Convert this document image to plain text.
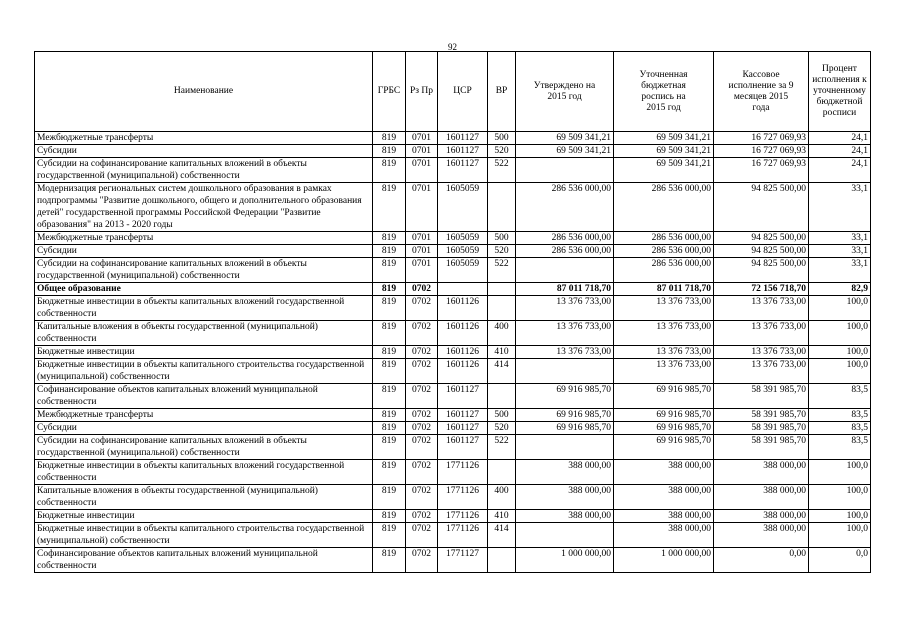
92
Наименование	ГРБС	Рз Пр	ЦСР	ВР	Утверждено на 2015 год	Уточненная бюджетная роспись на 2015 год	Кассовое исполнение за 9 месяцев 2015 года	Процент исполнения к уточненному бюджетной росписи
Межбюджетные трансферты	819	0701	1601127	500	69 509 341,21	69 509 341,21	16 727 069,93	24,1
Субсидии	819	0701	1601127	520	69 509 341,21	69 509 341,21	16 727 069,93	24,1
Субсидии на софинансирование капитальных вложений в объекты государственной (муниципальной) собственности	819	0701	1601127	522		69 509 341,21	16 727 069,93	24,1
Модернизация региональных систем дошкольного образования в рамках подпрограммы "Развитие дошкольного, общего и дополнительного образования детей" государственной программы Российской Федерации "Развитие образования" на 2013 - 2020 годы	819	0701	1605059		286 536 000,00	286 536 000,00	94 825 500,00	33,1
Межбюджетные трансферты	819	0701	1605059	500	286 536 000,00	286 536 000,00	94 825 500,00	33,1
Субсидии	819	0701	1605059	520	286 536 000,00	286 536 000,00	94 825 500,00	33,1
Субсидии на софинансирование капитальных вложений в объекты государственной (муниципальной) собственности	819	0701	1605059	522		286 536 000,00	94 825 500,00	33,1
Общее образование	819	0702			87 011 718,70	87 011 718,70	72 156 718,70	82,9
Бюджетные инвестиции в объекты капитальных вложений государственной собственности	819	0702	1601126		13 376 733,00	13 376 733,00	13 376 733,00	100,0
Капитальные вложения в объекты государственной (муниципальной) собственности	819	0702	1601126	400	13 376 733,00	13 376 733,00	13 376 733,00	100,0
Бюджетные инвестиции	819	0702	1601126	410	13 376 733,00	13 376 733,00	13 376 733,00	100,0
Бюджетные инвестиции в объекты капитального строительства государственной (муниципальной) собственности	819	0702	1601126	414		13 376 733,00	13 376 733,00	100,0
Софинансирование объектов капитальных вложений муниципальной собственности	819	0702	1601127		69 916 985,70	69 916 985,70	58 391 985,70	83,5
Межбюджетные трансферты	819	0702	1601127	500	69 916 985,70	69 916 985,70	58 391 985,70	83,5
Субсидии	819	0702	1601127	520	69 916 985,70	69 916 985,70	58 391 985,70	83,5
Субсидии на софинансирование капитальных вложений в объекты государственной (муниципальной) собственности	819	0702	1601127	522		69 916 985,70	58 391 985,70	83,5
Бюджетные инвестиции в объекты капитальных вложений государственной собственности	819	0702	1771126		388 000,00	388 000,00	388 000,00	100,0
Капитальные вложения в объекты государственной (муниципальной) собственности	819	0702	1771126	400	388 000,00	388 000,00	388 000,00	100,0
Бюджетные инвестиции	819	0702	1771126	410	388 000,00	388 000,00	388 000,00	100,0
Бюджетные инвестиции в объекты капитального строительства государственной (муниципальной) собственности	819	0702	1771126	414		388 000,00	388 000,00	100,0
Софинансирование объектов капитальных вложений муниципальной собственности	819	0702	1771127		1 000 000,00	1 000 000,00	0,00	0,0
